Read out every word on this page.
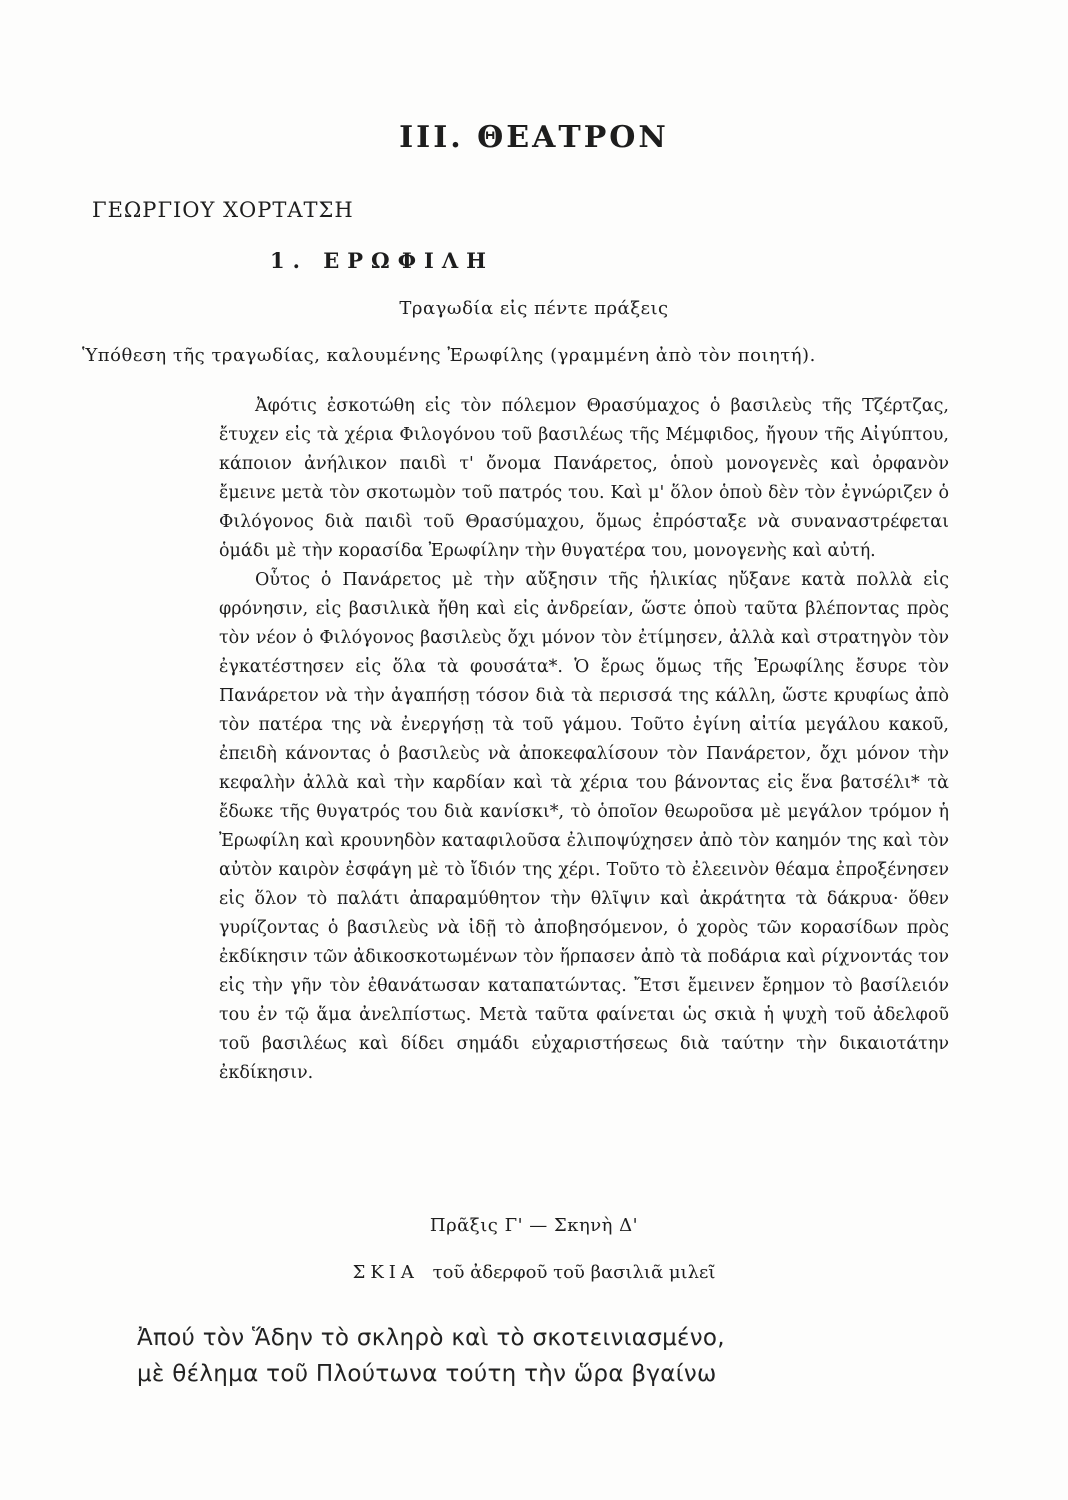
III. ΘΕΑΤΡΟΝ
ΓΕΩΡΓΙΟΥ ΧΟΡΤΑΤΣΗ
1. ΕΡΩΦΙΛΗ
Τραγωδία εἰς πέντε πράξεις
Ὑπόθεση τῆς τραγωδίας, καλουμένης Ἐρωφίλης (γραμμένη ἀπὸ τὸν ποιητή).

Ἀφότις ἐσκοτώθη εἰς τὸν πόλεμον Θρασύμαχος ὁ βασιλεὺς τῆς Τζέρτζας, ἔτυχεν εἰς τὰ χέρια Φιλογόνου τοῦ βασιλέως τῆς Μέμφιδος, ἤγουν τῆς Αἰγύπτου, κάποιον ἀνήλικον παιδὶ τ' ὄνομα Πανάρετος, ὁποὺ μονογενὲς καὶ ὀρφανὸν ἔμεινε μετὰ τὸν σκοτωμὸν τοῦ πατρός του. Καὶ μ' ὅλον ὁποὺ δὲν τὸν ἐγνώριζεν ὁ Φιλόγονος διὰ παιδὶ τοῦ Θρασύμαχου, ὅμως ἐπρόσταξε νὰ συναναστρέφεται ὁμάδι μὲ τὴν κορασίδα Ἐρωφίλην τὴν θυγατέρα του, μονογενὴς καὶ αὐτή.

Οὗτος ὁ Πανάρετος μὲ τὴν αὔξησιν τῆς ἡλικίας ηὔξανε κατὰ πολλὰ εἰς φρόνησιν, εἰς βασιλικὰ ἤθη καὶ εἰς ἀνδρείαν, ὥστε ὁποὺ ταῦτα βλέποντας πρὸς τὸν νέον ὁ Φιλόγονος βασιλεὺς ὄχι μόνον τὸν ἐτίμησεν, ἀλλὰ καὶ στρατηγὸν τὸν ἐγκατέστησεν εἰς ὅλα τὰ φουσάτα*. Ὁ ἔρως ὅμως τῆς Ἐρωφίλης ἔσυρε τὸν Πανάρετον νὰ τὴν ἀγαπήσῃ τόσον διὰ τὰ περισσά της κάλλη, ὥστε κρυφίως ἀπὸ τὸν πατέρα της νὰ ἐνεργήσῃ τὰ τοῦ γάμου. Τοῦτο ἐγίνη αἰτία μεγάλου κακοῦ, ἐπειδὴ κάνοντας ὁ βασιλεὺς νὰ ἀποκεφαλίσουν τὸν Πανάρετον, ὄχι μόνον τὴν κεφαλὴν ἀλλὰ καὶ τὴν καρδίαν καὶ τὰ χέρια του βάνοντας εἰς ἕνα βατσέλι* τὰ ἔδωκε τῆς θυγατρός του διὰ κανίσκι*, τὸ ὁποῖον θεωροῦσα μὲ μεγάλον τρόμον ἡ Ἐρωφίλη καὶ κρουνηδὸν καταφιλοῦσα ἐλιποψύχησεν ἀπὸ τὸν καημόν της καὶ τὸν αὐτὸν καιρὸν ἐσφάγη μὲ τὸ ἴδιόν της χέρι. Τοῦτο τὸ ἐλεεινὸν θέαμα ἐπροξένησεν εἰς ὅλον τὸ παλάτι ἀπαραμύθητον τὴν θλῖψιν καὶ ἀκράτητα τὰ δάκρυα· ὅθεν γυρίζοντας ὁ βασιλεὺς νὰ ἰδῇ τὸ ἀποβησόμενον, ὁ χορὸς τῶν κορασίδων πρὸς ἐκδίκησιν τῶν ἀδικοσκοτωμένων τὸν ἥρπασεν ἀπὸ τὰ ποδάρια καὶ ρίχνοντάς τον εἰς τὴν γῆν τὸν ἐθανάτωσαν καταπατώντας. Ἔτσι ἔμεινεν ἔρημον τὸ βασίλειόν του ἐν τῷ ἅμα ἀνελπίστως. Μετὰ ταῦτα φαίνεται ὡς σκιὰ ἡ ψυχὴ τοῦ ἀδελφοῦ τοῦ βασιλέως καὶ δίδει σημάδι εὐχαριστήσεως διὰ ταύτην τὴν δικαιοτάτην ἐκδίκησιν.

Πρᾶξις Γ' — Σκηνὴ Δ'
ΣΚΙΑ τοῦ ἀδερφοῦ τοῦ βασιλιᾶ μιλεῖ
Ἀπού τὸν Ἅδην τὸ σκληρὸ καὶ τὸ σκοτεινιασμένο,
μὲ θέλημα τοῦ Πλούτωνα τούτη τὴν ὥρα βγαίνω
